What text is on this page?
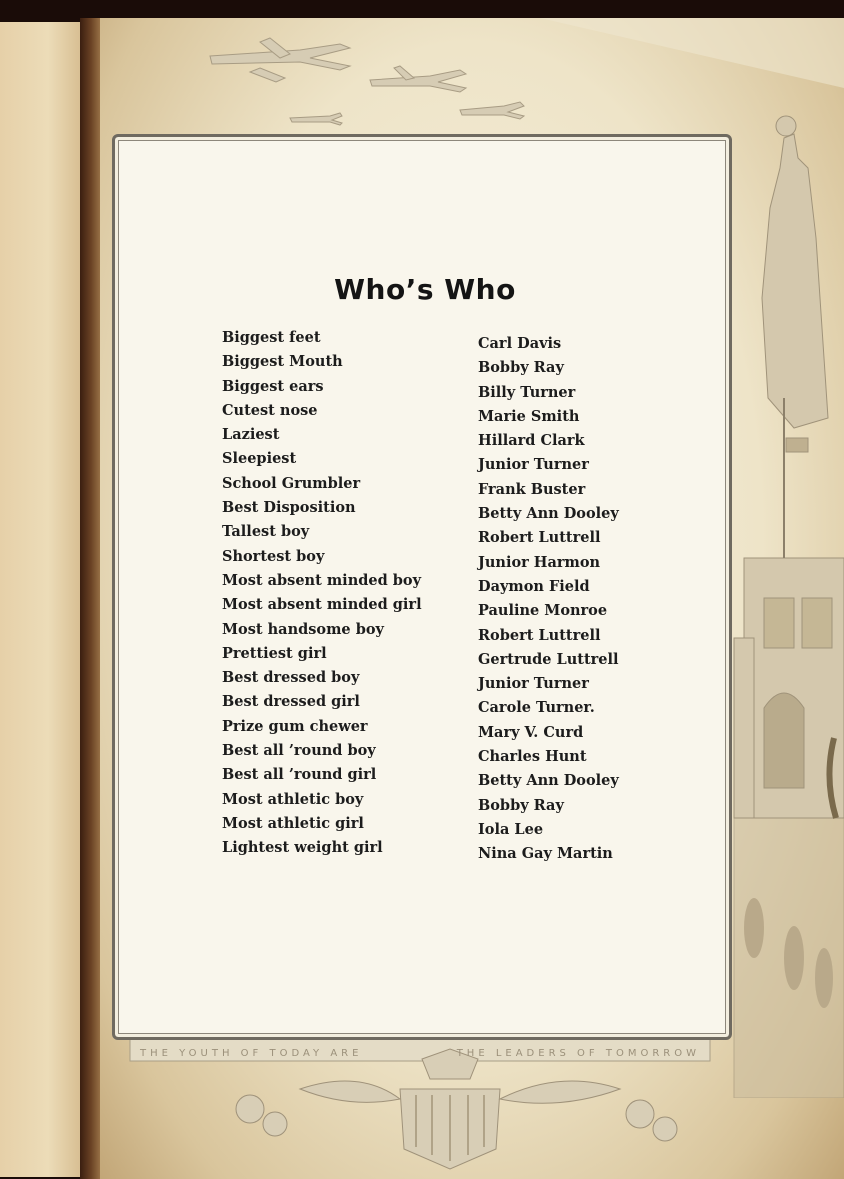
Who’s Who
THE YOUTH OF TODAY ARE	THE LEADERS OF TOMORROW
Biggest feet
Biggest Mouth
Biggest ears
Cutest nose
Laziest
Sleepiest
School Grumbler
Best Disposition
Tallest boy
Shortest boy
Most absent minded boy
Most absent minded girl
Most handsome boy
Prettiest girl
Best dressed boy
Best dressed girl
Prize gum chewer
Best all ’round boy
Best all ’round girl
Most athletic boy
Most athletic girl
Lightest weight girl
Carl Davis
Bobby Ray
Billy Turner
Marie Smith
Hillard Clark
Junior Turner
Frank Buster
Betty Ann Dooley
Robert Luttrell
Junior Harmon
Daymon Field
Pauline Monroe
Robert Luttrell
Gertrude Luttrell
Junior Turner
Carole Turner.
Mary V. Curd
Charles Hunt
Betty Ann Dooley
Bobby Ray
Iola Lee
Nina Gay Martin
